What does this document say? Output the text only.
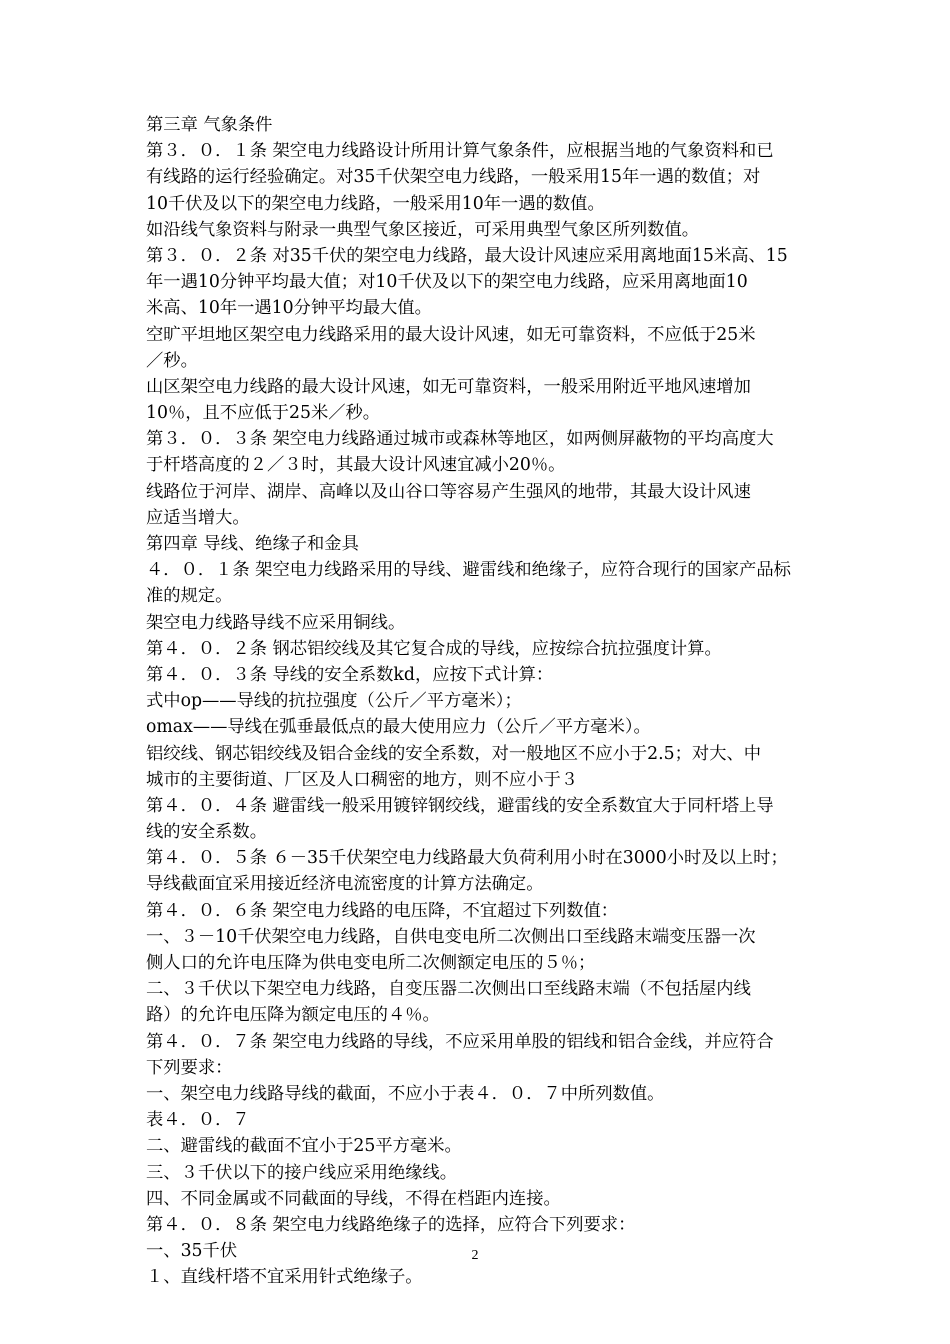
第三章 气象条件
第３．０．１条 架空电力线路设计所用计算气象条件，应根据当地的气象资料和已
有线路的运行经验确定。对35千伏架空电力线路，一般采用15年一遇的数值；对
10千伏及以下的架空电力线路，一般采用10年一遇的数值。
如沿线气象资料与附录一典型气象区接近，可采用典型气象区所列数值。
第３．０．２条 对35千伏的架空电力线路，最大设计风速应采用离地面15米高、15
年一遇10分钟平均最大值；对10千伏及以下的架空电力线路，应采用离地面10
米高、10年一遇10分钟平均最大值。
空旷平坦地区架空电力线路采用的最大设计风速，如无可靠资料，不应低于25米
／秒。
山区架空电力线路的最大设计风速，如无可靠资料，一般采用附近平地风速增加
10％，且不应低于25米／秒。
第３．０．３条 架空电力线路通过城市或森林等地区，如两侧屏蔽物的平均高度大
于杆塔高度的２／３时，其最大设计风速宜减小20％。
线路位于河岸、湖岸、高峰以及山谷口等容易产生强风的地带，其最大设计风速
应适当增大。
第四章 导线、绝缘子和金具
４．０．１条 架空电力线路采用的导线、避雷线和绝缘子，应符合现行的国家产品标
准的规定。
架空电力线路导线不应采用铜线。
第４．０．２条 钢芯铝绞线及其它复合成的导线，应按综合抗拉强度计算。
第４．０．３条 导线的安全系数kd，应按下式计算：
式中op——导线的抗拉强度（公斤／平方毫米）；
omax——导线在弧垂最低点的最大使用应力（公斤／平方毫米）。
铝绞线、钢芯铝绞线及铝合金线的安全系数，对一般地区不应小于2.5；对大、中
城市的主要街道、厂区及人口稠密的地方，则不应小于３
第４．０．４条 避雷线一般采用镀锌钢绞线，避雷线的安全系数宜大于同杆塔上导
线的安全系数。
第４．０．５条 ６－35千伏架空电力线路最大负荷利用小时在3000小时及以上时；
导线截面宜采用接近经济电流密度的计算方法确定。
第４．０．６条 架空电力线路的电压降，不宜超过下列数值：
一、３－10千伏架空电力线路，自供电变电所二次侧出口至线路末端变压器一次
侧人口的允许电压降为供电变电所二次侧额定电压的５％；
二、３千伏以下架空电力线路，自变压器二次侧出口至线路末端（不包括屋内线
路）的允许电压降为额定电压的４％。
第４．０．７条 架空电力线路的导线，不应采用单股的铝线和铝合金线，并应符合
下列要求：
一、架空电力线路导线的截面，不应小于表４．０．７中所列数值。
表４．０．７
二、避雷线的截面不宜小于25平方毫米。
三、３千伏以下的接户线应采用绝缘线。
四、不同金属或不同截面的导线，不得在档距内连接。
第４．０．８条 架空电力线路绝缘子的选择，应符合下列要求：
一、35千伏
１、直线杆塔不宜采用针式绝缘子。
2
